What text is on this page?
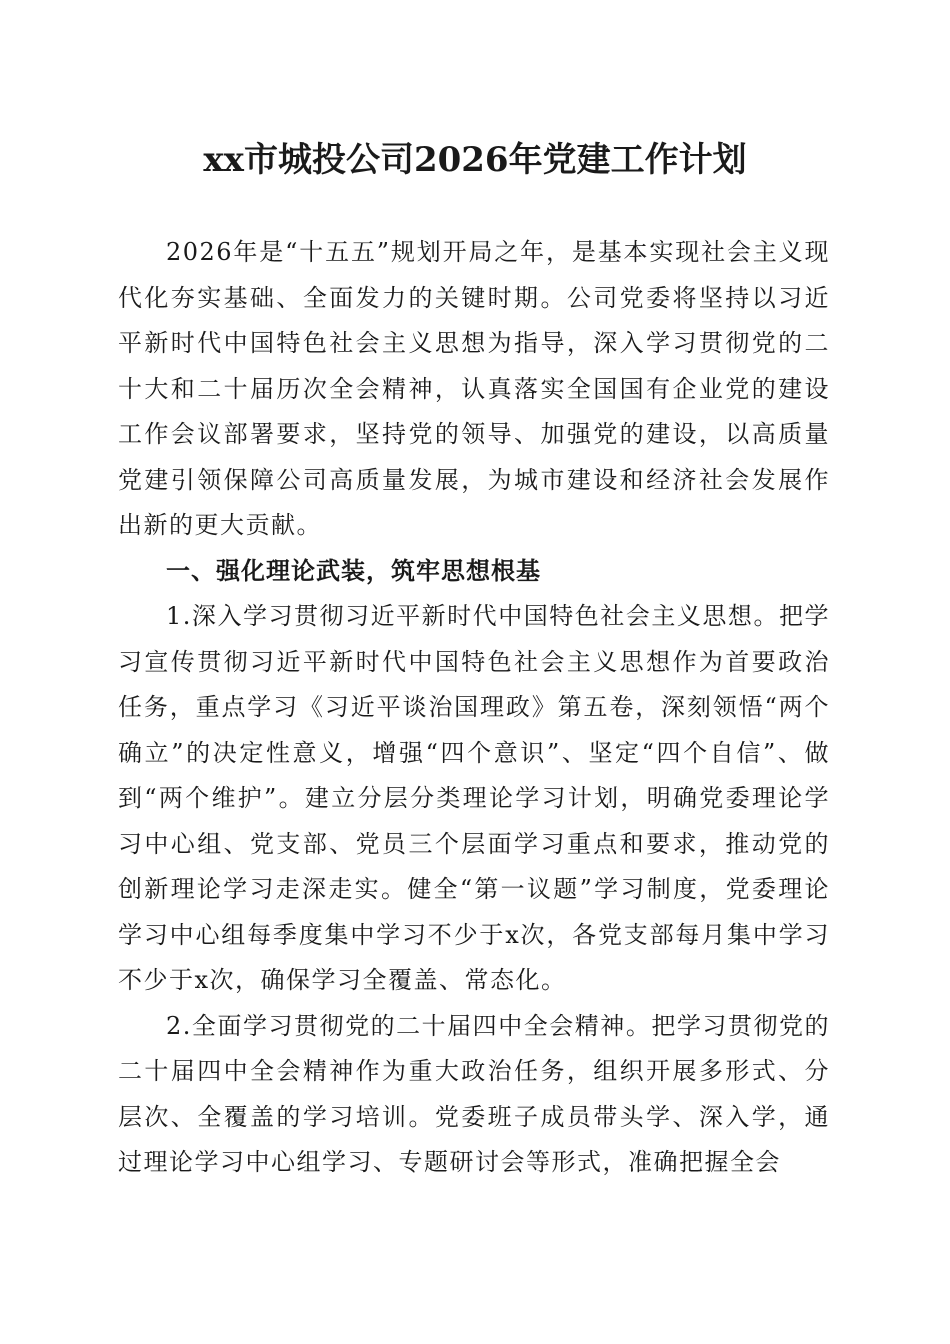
xx市城投公司2026年党建工作计划

2026年是“十五五”规划开局之年，是基本实现社会主义现代化夯实基础、全面发力的关键时期。公司党委将坚持以习近平新时代中国特色社会主义思想为指导，深入学习贯彻党的二十大和二十届历次全会精神，认真落实全国国有企业党的建设工作会议部署要求，坚持党的领导、加强党的建设，以高质量党建引领保障公司高质量发展，为城市建设和经济社会发展作出新的更大贡献。

一、强化理论武装，筑牢思想根基

1.深入学习贯彻习近平新时代中国特色社会主义思想。把学习宣传贯彻习近平新时代中国特色社会主义思想作为首要政治任务，重点学习《习近平谈治国理政》第五卷，深刻领悟“两个确立”的决定性意义，增强“四个意识”、坚定“四个自信”、做到“两个维护”。建立分层分类理论学习计划，明确党委理论学习中心组、党支部、党员三个层面学习重点和要求，推动党的创新理论学习走深走实。健全“第一议题”学习制度，党委理论学习中心组每季度集中学习不少于x次，各党支部每月集中学习不少于x次，确保学习全覆盖、常态化。

2.全面学习贯彻党的二十届四中全会精神。把学习贯彻党的二十届四中全会精神作为重大政治任务，组织开展多形式、分层次、全覆盖的学习培训。党委班子成员带头学、深入学，通过理论学习中心组学习、专题研讨会等形式，准确把握全会
